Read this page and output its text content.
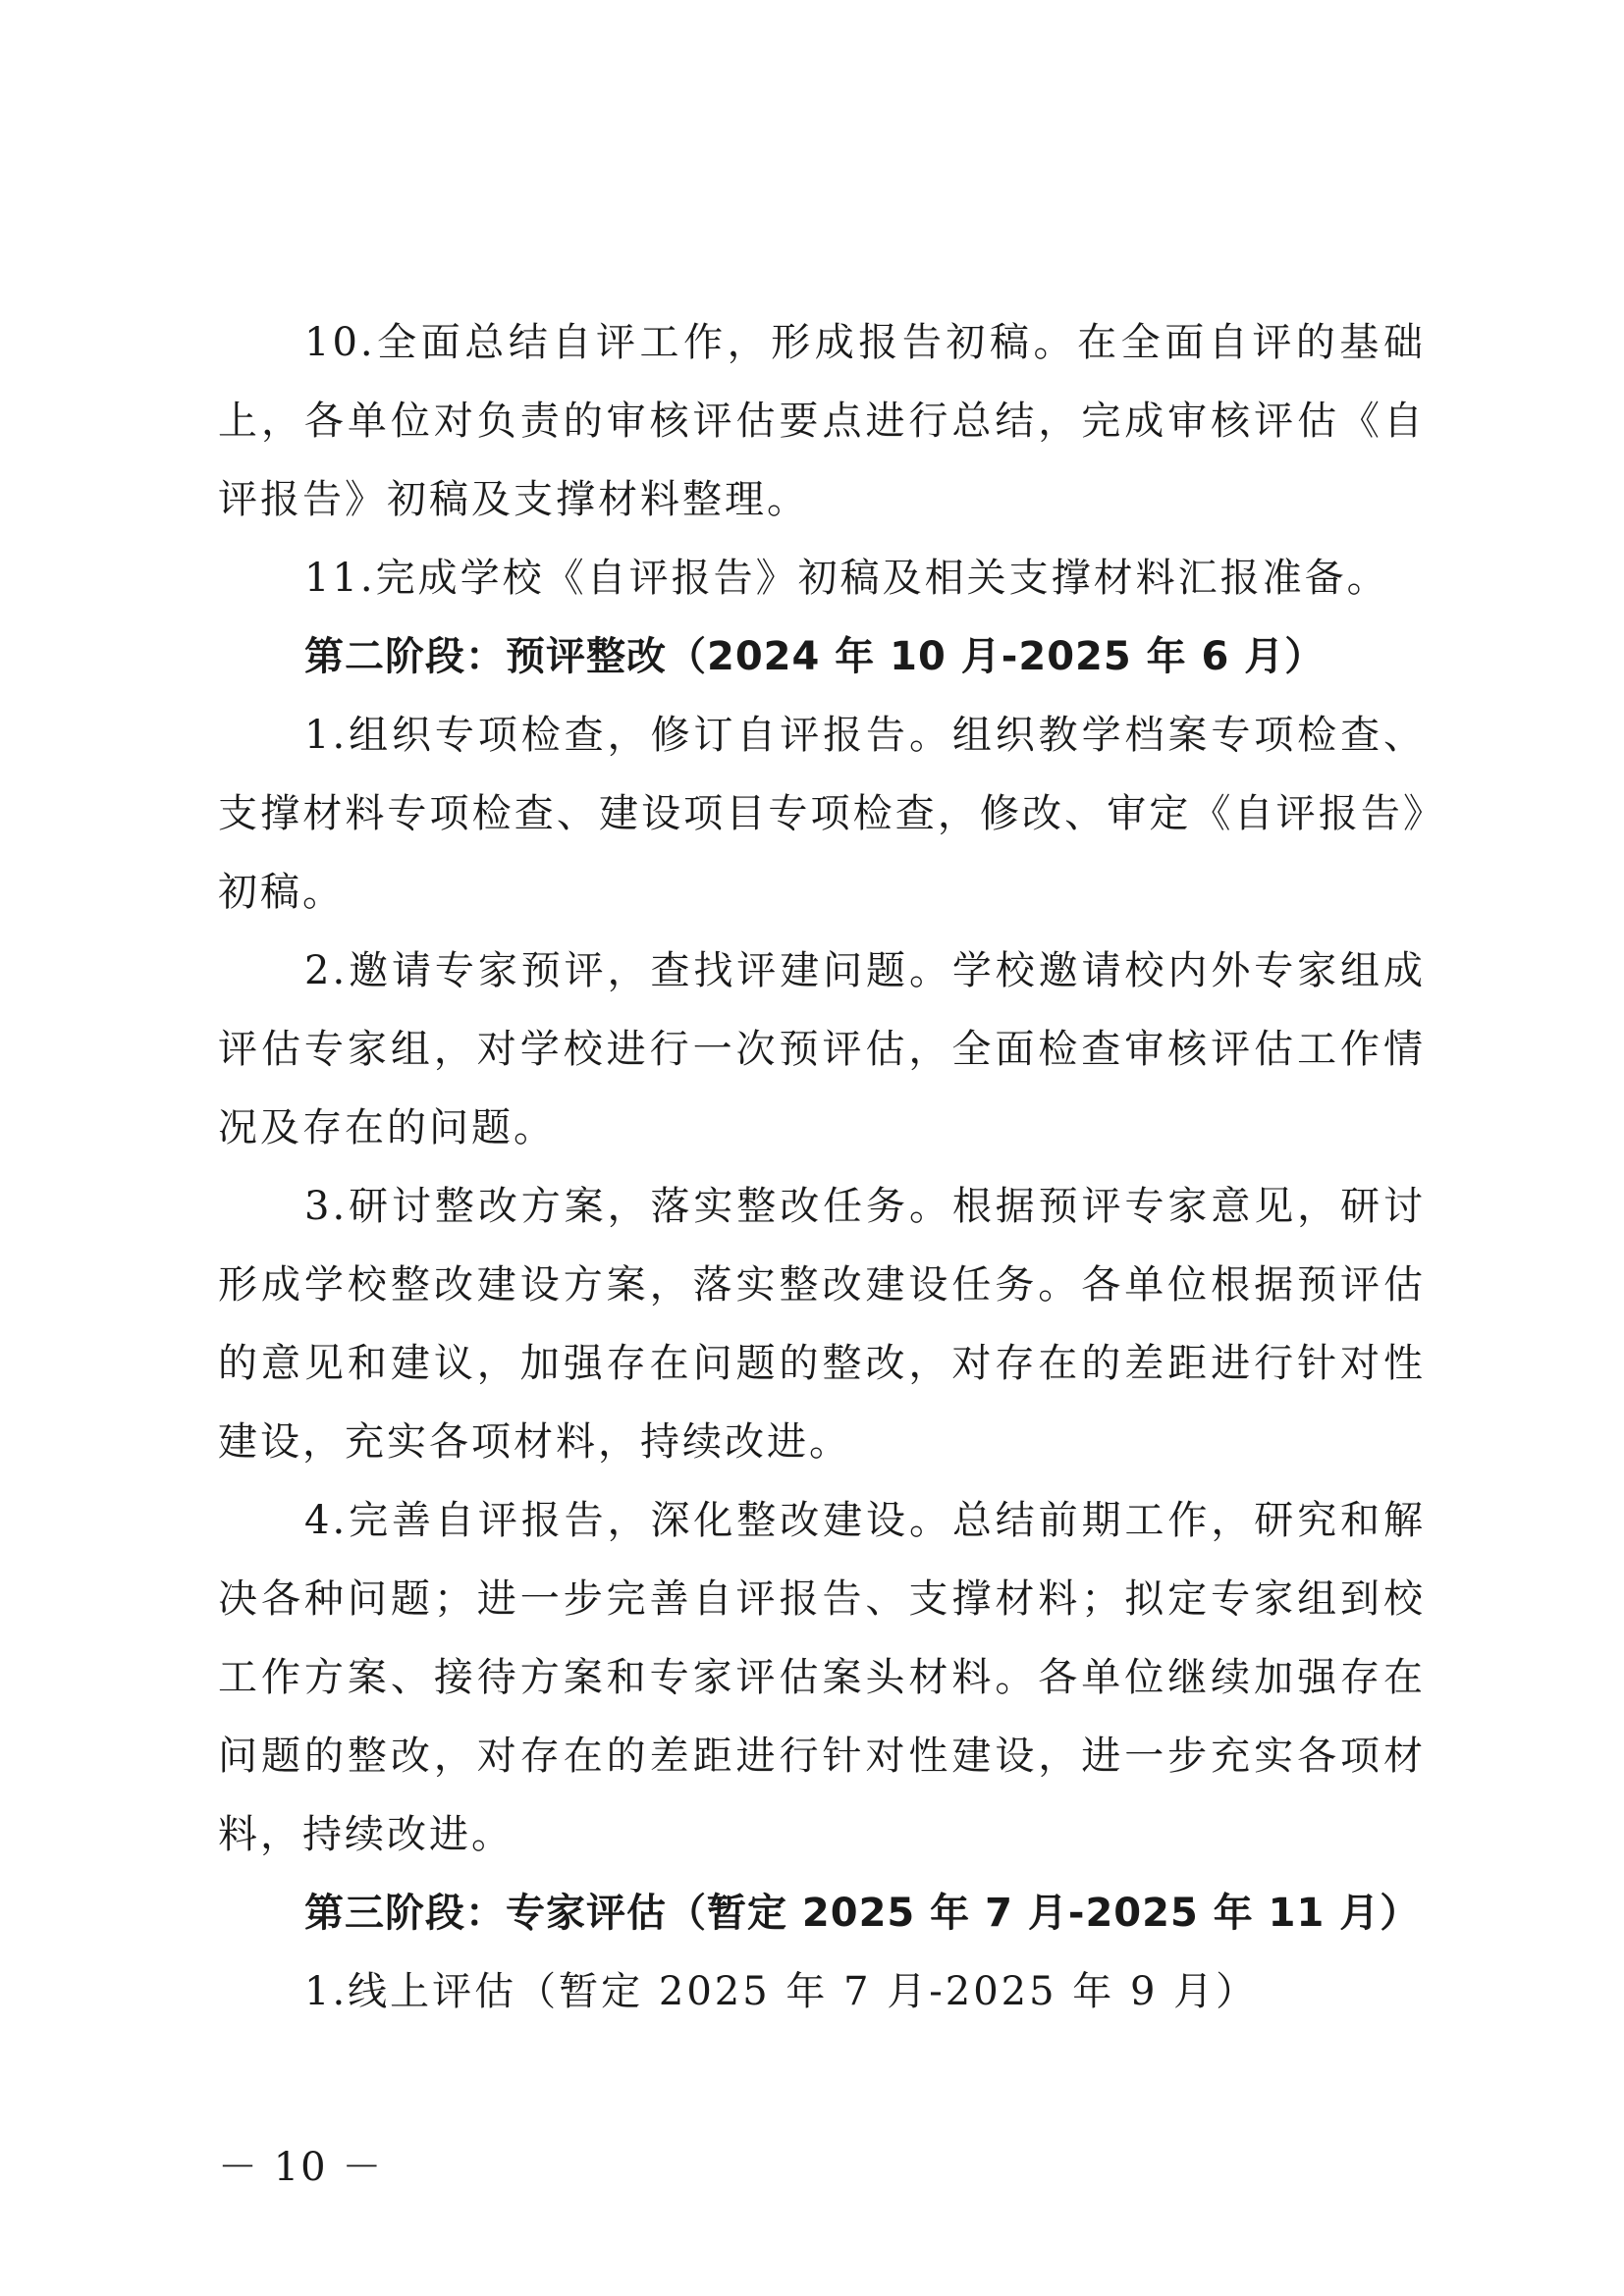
10.全面总结自评工作，形成报告初稿。在全面自评的基础上，各单位对负责的审核评估要点进行总结，完成审核评估《自评报告》初稿及支撑材料整理。

11.完成学校《自评报告》初稿及相关支撑材料汇报准备。

第二阶段：预评整改（2024 年 10 月-2025 年 6 月）

1.组织专项检查，修订自评报告。组织教学档案专项检查、支撑材料专项检查、建设项目专项检查，修改、审定《自评报告》初稿。

2.邀请专家预评，查找评建问题。学校邀请校内外专家组成评估专家组，对学校进行一次预评估，全面检查审核评估工作情况及存在的问题。

3.研讨整改方案，落实整改任务。根据预评专家意见，研讨形成学校整改建设方案，落实整改建设任务。各单位根据预评估的意见和建议，加强存在问题的整改，对存在的差距进行针对性建设，充实各项材料，持续改进。

4.完善自评报告，深化整改建设。总结前期工作，研究和解决各种问题；进一步完善自评报告、支撑材料；拟定专家组到校工作方案、接待方案和专家评估案头材料。各单位继续加强存在问题的整改，对存在的差距进行针对性建设，进一步充实各项材料，持续改进。

第三阶段：专家评估（暂定 2025 年 7 月-2025 年 11 月）

1.线上评估（暂定 2025 年 7 月-2025 年 9 月）

－ 10 －
